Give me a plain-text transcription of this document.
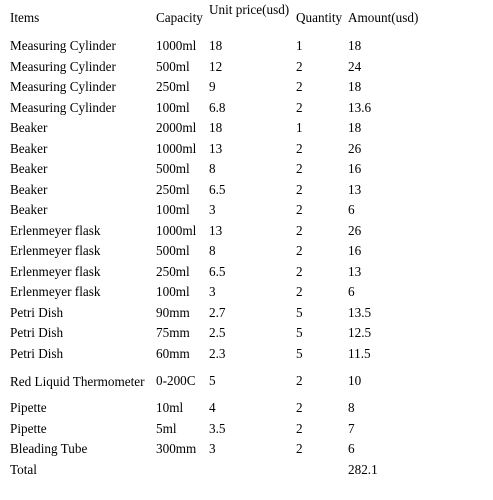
Items	Capacity	Unit price(usd)	Quantity	Amount(usd)
Measuring Cylinder	1000ml	18	1	18
Measuring Cylinder	500ml	12	2	24
Measuring Cylinder	250ml	9	2	18
Measuring Cylinder	100ml	6.8	2	13.6
Beaker	2000ml	18	1	18
Beaker	1000ml	13	2	26
Beaker	500ml	8	2	16
Beaker	250ml	6.5	2	13
Beaker	100ml	3	2	6
Erlenmeyer flask	1000ml	13	2	26
Erlenmeyer flask	500ml	8	2	16
Erlenmeyer flask	250ml	6.5	2	13
Erlenmeyer flask	100ml	3	2	6
Petri Dish	90mm	2.7	5	13.5
Petri Dish	75mm	2.5	5	12.5
Petri Dish	60mm	2.3	5	11.5
Red Liquid Thermometer	0-200C	5	2	10
Pipette	10ml	4	2	8
Pipette	5ml	3.5	2	7
Bleading Tube	300mm	3	2	6
Total				282.1
